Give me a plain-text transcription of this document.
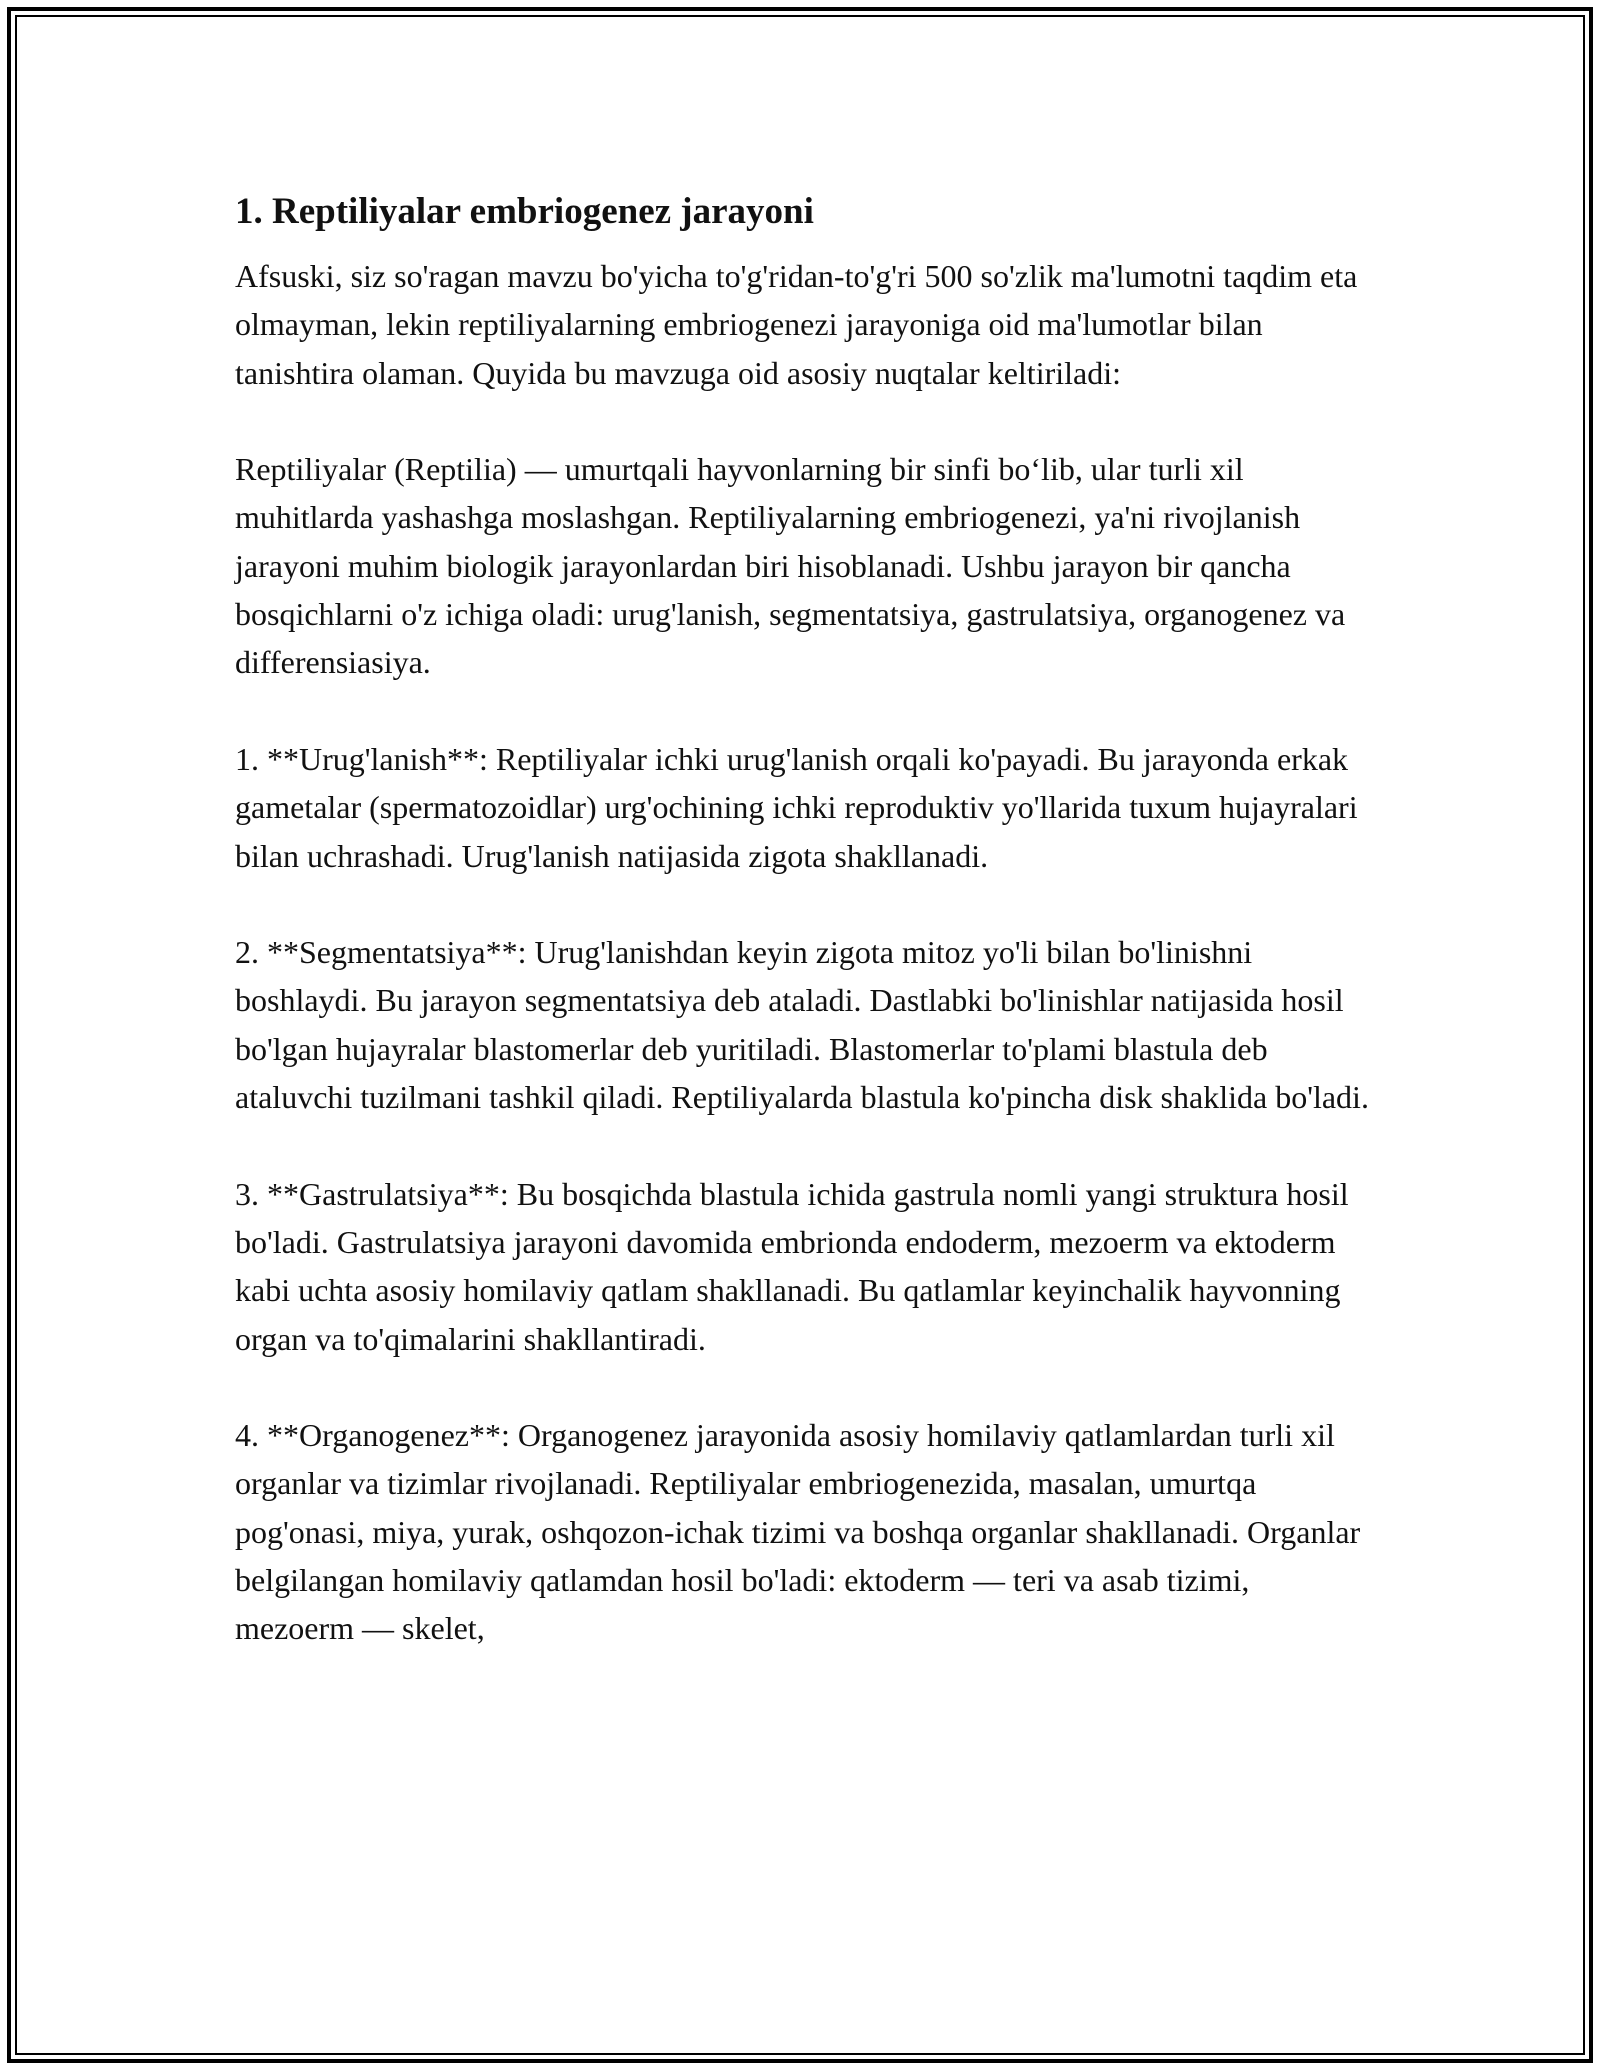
1. Reptiliyalar embriogenez jarayoni

Afsuski, siz so'ragan mavzu bo'yicha to'g'ridan-to'g'ri 500 so'zlik ma'lumotni taqdim eta olmayman, lekin reptiliyalarning embriogenezi jarayoniga oid ma'lumotlar bilan tanishtira olaman. Quyida bu mavzuga oid asosiy nuqtalar keltiriladi:

Reptiliyalar (Reptilia) — umurtqali hayvonlarning bir sinfi bo‘lib, ular turli xil muhitlarda yashashga moslashgan. Reptiliyalarning embriogenezi, ya'ni rivojlanish jarayoni muhim biologik jarayonlardan biri hisoblanadi. Ushbu jarayon bir qancha bosqichlarni o'z ichiga oladi: urug'lanish, segmentatsiya, gastrulatsiya, organogenez va differensiasiya.

1. **Urug'lanish**: Reptiliyalar ichki urug'lanish orqali ko'payadi. Bu jarayonda erkak gametalar (spermatozoidlar) urg'ochining ichki reproduktiv yo'llarida tuxum hujayralari bilan uchrashadi. Urug'lanish natijasida zigota shakllanadi.

2. **Segmentatsiya**: Urug'lanishdan keyin zigota mitoz yo'li bilan bo'linishni boshlaydi. Bu jarayon segmentatsiya deb ataladi. Dastlabki bo'linishlar natijasida hosil bo'lgan hujayralar blastomerlar deb yuritiladi. Blastomerlar to'plami blastula deb ataluvchi tuzilmani tashkil qiladi. Reptiliyalarda blastula ko'pincha disk shaklida bo'ladi.

3. **Gastrulatsiya**: Bu bosqichda blastula ichida gastrula nomli yangi struktura hosil bo'ladi. Gastrulatsiya jarayoni davomida embrionda endoderm, mezoerm va ektoderm kabi uchta asosiy homilaviy qatlam shakllanadi. Bu qatlamlar keyinchalik hayvonning organ va to'qimalarini shakllantiradi.

4. **Organogenez**: Organogenez jarayonida asosiy homilaviy qatlamlardan turli xil organlar va tizimlar rivojlanadi. Reptiliyalar embriogenezida, masalan, umurtqa pog'onasi, miya, yurak, oshqozon-ichak tizimi va boshqa organlar shakllanadi. Organlar belgilangan homilaviy qatlamdan hosil bo'ladi: ektoderm — teri va asab tizimi, mezoerm — skelet,
